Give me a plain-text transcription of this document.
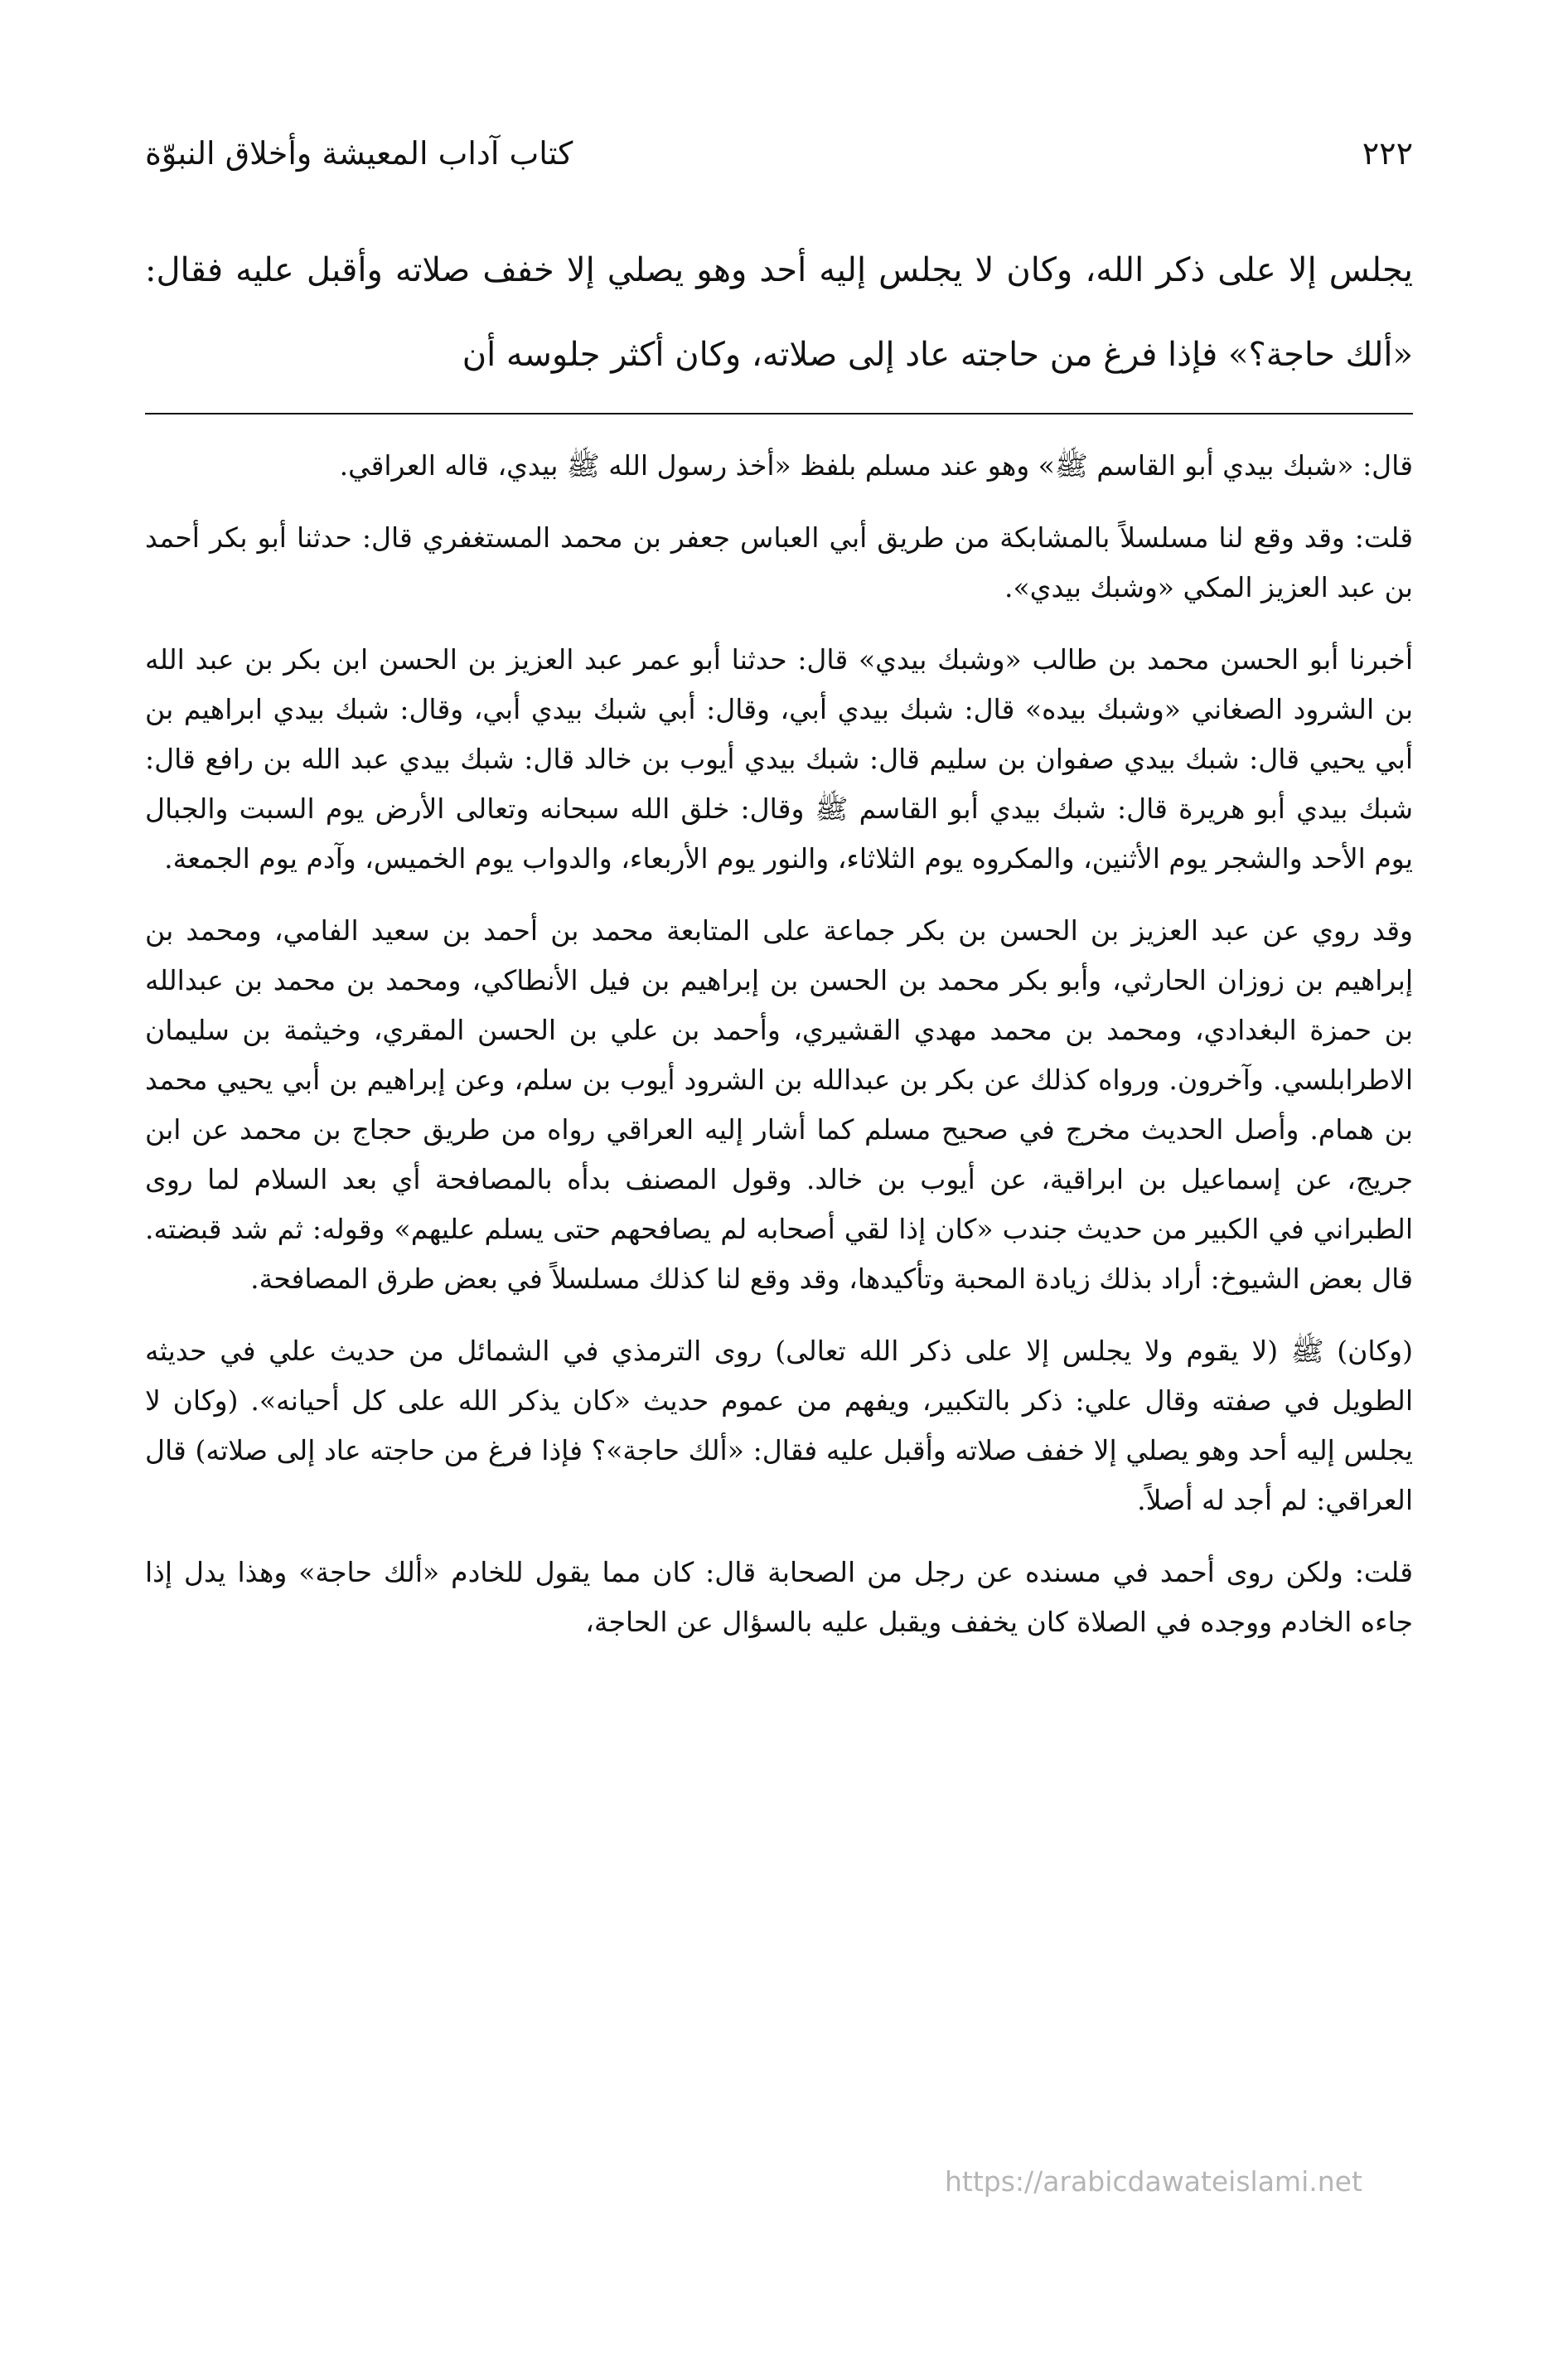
٢٢٢
كتاب آداب المعيشة وأخلاق النبوّة

يجلس إلا على ذكر الله، وكان لا يجلس إليه أحد وهو يصلي إلا خفف صلاته وأقبل عليه فقال: «ألك حاجة؟» فإذا فرغ من حاجته عاد إلى صلاته، وكان أكثر جلوسه أن

قال: «شبك بيدي أبو القاسم ﷺ» وهو عند مسلم بلفظ «أخذ رسول الله ﷺ بيدي، قاله العراقي.

قلت: وقد وقع لنا مسلسلاً بالمشابكة من طريق أبي العباس جعفر بن محمد المستغفري قال: حدثنا أبو بكر أحمد بن عبد العزيز المكي «وشبك بيدي».

أخبرنا أبو الحسن محمد بن طالب «وشبك بيدي» قال: حدثنا أبو عمر عبد العزيز بن الحسن ابن بكر بن عبد الله بن الشرود الصغاني «وشبك بيده» قال: شبك بيدي أبي، وقال: أبي شبك بيدي أبي، وقال: شبك بيدي ابراهيم بن أبي يحيي قال: شبك بيدي صفوان بن سليم قال: شبك بيدي أيوب بن خالد قال: شبك بيدي عبد الله بن رافع قال: شبك بيدي أبو هريرة قال: شبك بيدي أبو القاسم ﷺ وقال: خلق الله سبحانه وتعالى الأرض يوم السبت والجبال يوم الأحد والشجر يوم الأثنين، والمكروه يوم الثلاثاء، والنور يوم الأربعاء، والدواب يوم الخميس، وآدم يوم الجمعة.

وقد روي عن عبد العزيز بن الحسن بن بكر جماعة على المتابعة محمد بن أحمد بن سعيد الفامي، ومحمد بن إبراهيم بن زوزان الحارثي، وأبو بكر محمد بن الحسن بن إبراهيم بن فيل الأنطاكي، ومحمد بن محمد بن عبدالله بن حمزة البغدادي، ومحمد بن محمد مهدي القشيري، وأحمد بن علي بن الحسن المقري، وخيثمة بن سليمان الاطرابلسي. وآخرون. ورواه كذلك عن بكر بن عبدالله بن الشرود أيوب بن سلم، وعن إبراهيم بن أبي يحيي محمد بن همام. وأصل الحديث مخرج في صحيح مسلم كما أشار إليه العراقي رواه من طريق حجاج بن محمد عن ابن جريج، عن إسماعيل بن ابراقية، عن أيوب بن خالد. وقول المصنف بدأه بالمصافحة أي بعد السلام لما روى الطبراني في الكبير من حديث جندب «كان إذا لقي أصحابه لم يصافحهم حتى يسلم عليهم» وقوله: ثم شد قبضته. قال بعض الشيوخ: أراد بذلك زيادة المحبة وتأكيدها، وقد وقع لنا كذلك مسلسلاً في بعض طرق المصافحة.

(وكان) ﷺ (لا يقوم ولا يجلس إلا على ذكر الله تعالى) روى الترمذي في الشمائل من حديث علي في حديثه الطويل في صفته وقال علي: ذكر بالتكبير، ويفهم من عموم حديث «كان يذكر الله على كل أحيانه». (وكان لا يجلس إليه أحد وهو يصلي إلا خفف صلاته وأقبل عليه فقال: «ألك حاجة»؟ فإذا فرغ من حاجته عاد إلى صلاته) قال العراقي: لم أجد له أصلاً.

قلت: ولكن روى أحمد في مسنده عن رجل من الصحابة قال: كان مما يقول للخادم «ألك حاجة» وهذا يدل إذا جاءه الخادم ووجده في الصلاة كان يخفف ويقبل عليه بالسؤال عن الحاجة،

https://arabicdawateislami.net
